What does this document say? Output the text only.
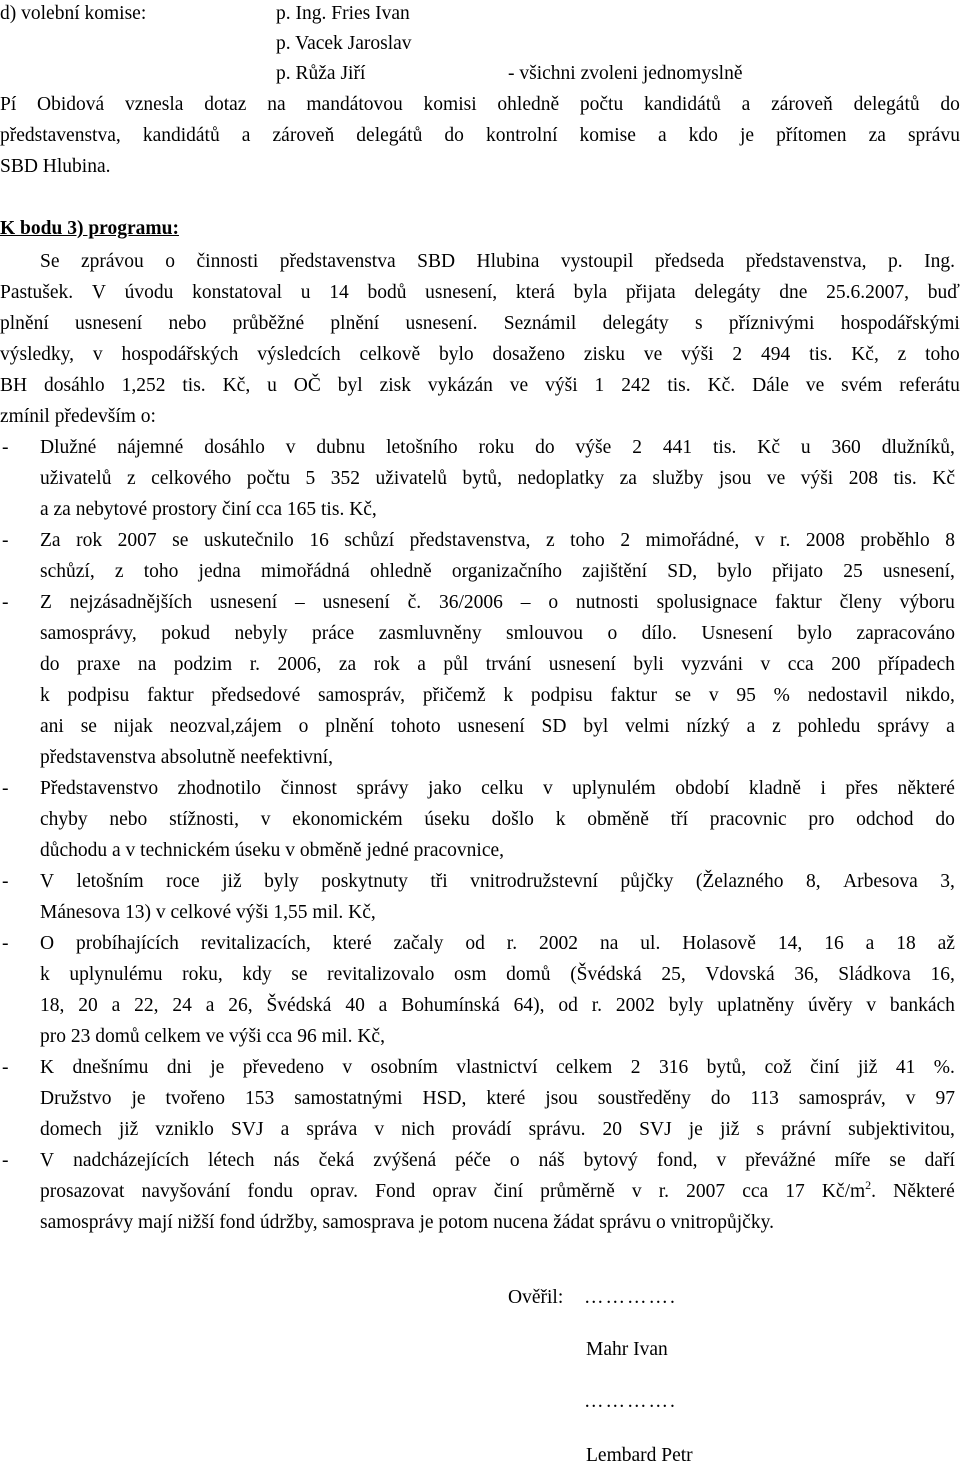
d) volební komise:	p. Ing. Fries Ivan
p. Vacek Jaroslav
p. Růža Jiří	- všichni zvoleni jednomyslně
Pí Obidová vznesla dotaz na mandátovou komisi ohledně počtu kandidátů a zároveň delegátů do
představenstva, kandidátů a zároveň delegátů do kontrolní komise a kdo je přítomen za správu
SBD Hlubina.
K bodu 3) programu:
Se zprávou o činnosti představenstva SBD Hlubina vystoupil předseda představenstva, p. Ing.
Pastušek. V úvodu konstatoval u 14 bodů usnesení, která byla přijata delegáty dne 25.6.2007, buď
plnění usnesení nebo průběžné plnění usnesení. Seznámil delegáty s příznivými hospodářskými
výsledky, v hospodářských výsledcích celkově bylo dosaženo zisku ve výši 2 494 tis. Kč, z toho
BH dosáhlo 1,252 tis. Kč, u OČ byl zisk vykázán ve výši 1 242 tis. Kč. Dále ve svém referátu
zmínil především o:
Dlužné nájemné dosáhlo v dubnu letošního roku do výše 2 441 tis. Kč u 360 dlužníků,
-
uživatelů z celkového počtu 5 352 uživatelů bytů, nedoplatky za služby jsou ve výši 208 tis. Kč
a za nebytové prostory činí cca 165 tis. Kč,
Za rok 2007 se uskutečnilo 16 schůzí představenstva, z toho 2 mimořádné, v r. 2008 proběhlo 8
-
schůzí, z toho jedna mimořádná ohledně organizačního zajištění SD, bylo přijato 25 usnesení,
Z nejzásadnějších usnesení – usnesení č. 36/2006 – o nutnosti spolusignace faktur členy výboru
-
samosprávy, pokud nebyly práce zasmluvněny smlouvou o dílo. Usnesení bylo zapracováno
do praxe na podzim r. 2006, za rok a půl trvání usnesení byli vyzváni v cca 200 případech
k podpisu faktur předsedové samospráv, přičemž k podpisu faktur se v 95 % nedostavil nikdo,
ani se nijak neozval,zájem o plnění tohoto usnesení SD byl velmi nízký a z pohledu správy a
představenstva absolutně neefektivní,
Představenstvo zhodnotilo činnost správy jako celku v uplynulém období kladně i přes některé
-
chyby nebo stížnosti, v ekonomickém úseku došlo k obměně tří pracovnic pro odchod do
důchodu a v technickém úseku v obměně jedné pracovnice,
V letošním roce již byly poskytnuty tři vnitrodružstevní půjčky (Želazného 8, Arbesova 3,
-
Mánesova 13) v celkové výši 1,55 mil. Kč,
O probíhajících revitalizacích, které začaly od r. 2002 na ul. Holasově 14, 16 a 18 až
-
k uplynulému roku, kdy se revitalizovalo osm domů (Švédská 25, Vdovská 36, Sládkova 16,
18, 20 a 22, 24 a 26, Švédská 40 a Bohumínská 64), od r. 2002 byly uplatněny úvěry v bankách
pro 23 domů celkem ve výši cca 96 mil. Kč,
K dnešnímu dni je převedeno v osobním vlastnictví celkem 2 316 bytů, což činí již 41 %.
-
Družstvo je tvořeno 153 samostatnými HSD, které jsou soustředěny do 113 samospráv, v 97
domech již vzniklo SVJ a správa v nich provádí správu. 20 SVJ je již s právní subjektivitou,
V nadcházejících létech nás čeká zvýšená péče o náš bytový fond, v převážné míře se daří
-
prosazovat navyšování fondu oprav. Fond oprav činí průměrně v r. 2007 cca 17 $Kč/m^2$. Některé
samosprávy mají nižší fond údržby, samosprava je potom nucena žádat správu o vnitropůjčky.
Ověřil: ………….
Mahr Ivan
………….
Lembard Petr
